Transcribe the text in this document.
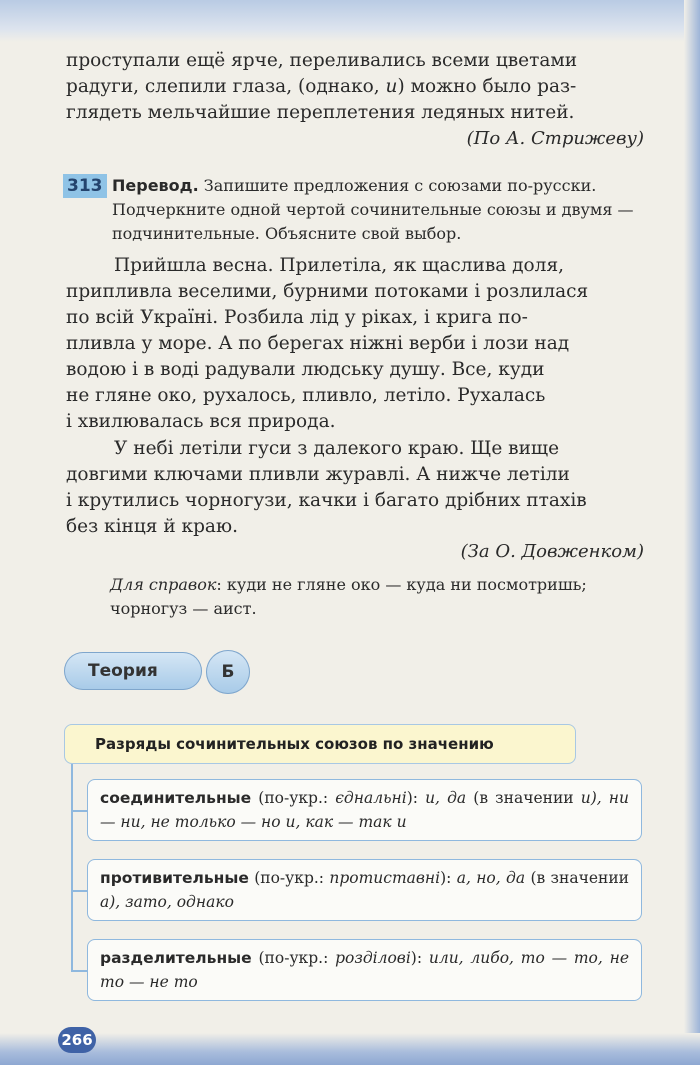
проступали ещё ярче, переливались всеми цветами
радуги, слепили глаза, (однако, и) можно было раз-
глядеть мельчайшие переплетения ледяных нитей.
(По А. Стрижеву)
313 Перевод. Запишите предложения с союзами по-русски. Подчеркните одной чертой сочинительные союзы и двумя — подчинительные. Объясните свой выбор.
Прийшла весна. Прилетіла, як щаслива доля,
припливла веселими, бурними потоками і розлилася
по всій Україні. Розбила лід у ріках, і крига по-
пливла у море. А по берегах ніжні верби і лози над
водою і в воді радували людську душу. Все, куди
не гляне око, рухалось, пливло, летіло. Рухалась
і хвилювалась вся природа.
У небі летіли гуси з далекого краю. Ще вище
довгими ключами пливли журавлі. А нижче летіли
і крутились чорногузи, качки і багато дрібних птахів
без кінця й краю.
(За О. Довженком)
Для справок: куди не гляне око — куда ни посмотришь; чорногуз — аист.
Теория	Б
Разряды сочинительных союзов по значению
соединительные (по-укр.: єднальні): и, да (в значении и), ни — ни, не только — но и, как — так и
противительные (по-укр.: протиставні): а, но, да (в значении а), зато, однако
разделительные (по-укр.: розділові): или, либо, то — то, не то — не то
266
